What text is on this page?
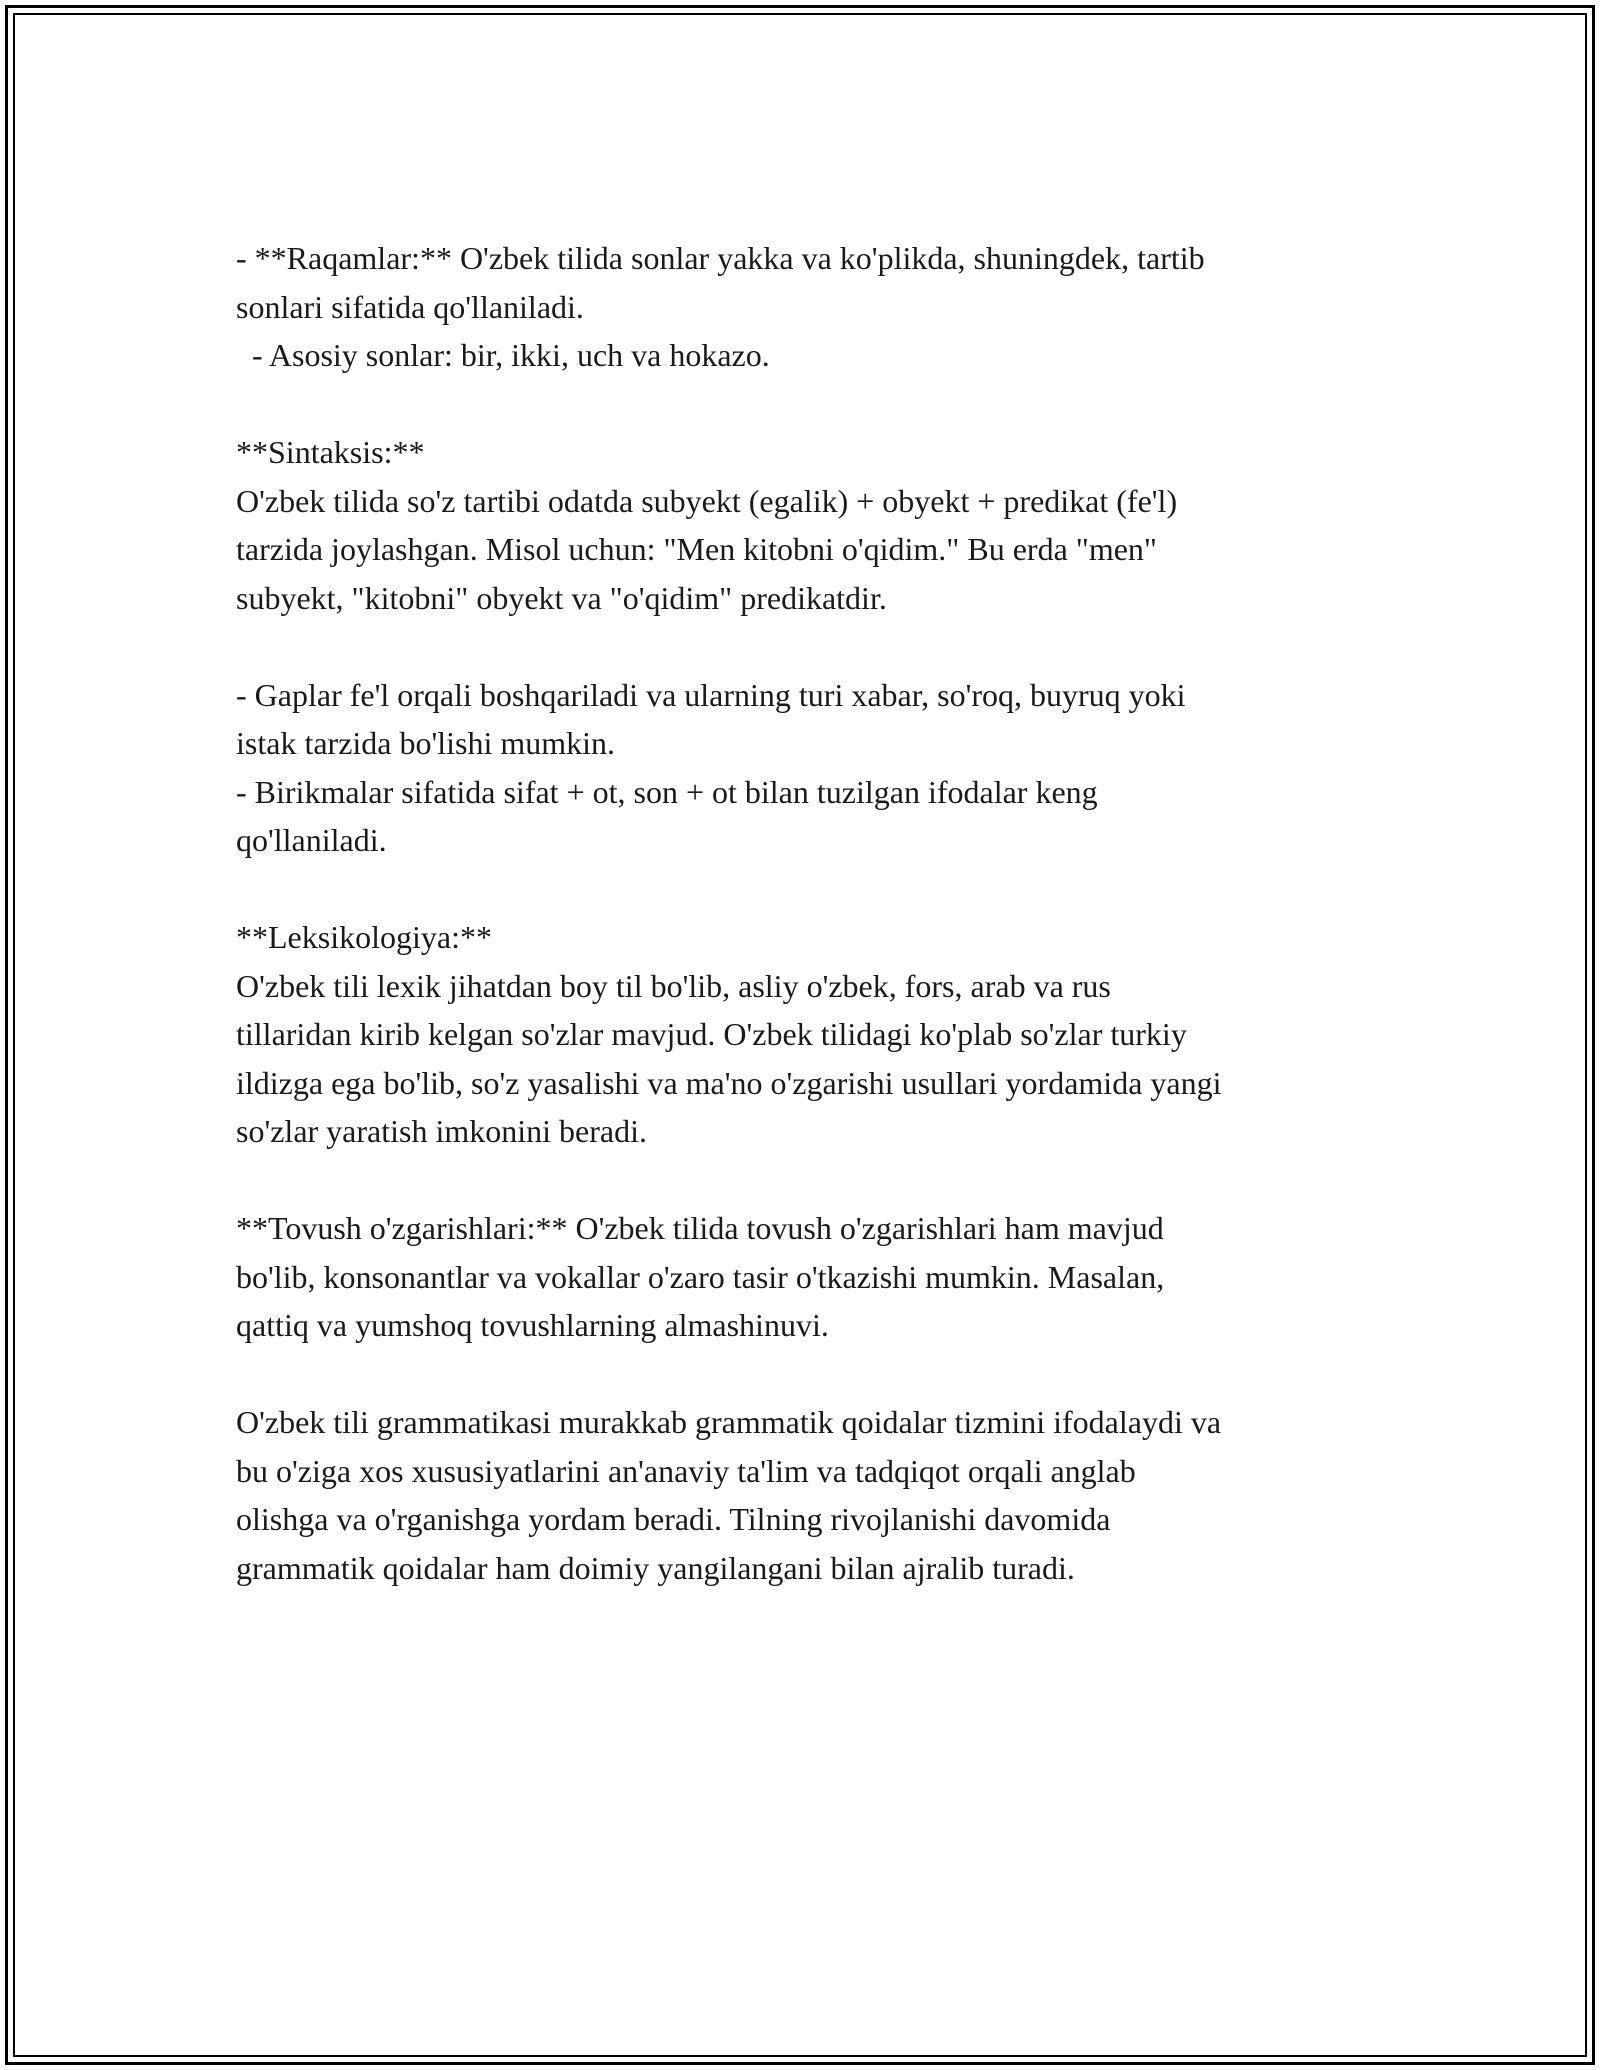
- **Raqamlar:** O'zbek tilida sonlar yakka va ko'plikda, shuningdek, tartib
sonlari sifatida qo'llaniladi.
- Asosiy sonlar: bir, ikki, uch va hokazo.
**Sintaksis:**
O'zbek tilida so'z tartibi odatda subyekt (egalik) + obyekt + predikat (fe'l)
tarzida joylashgan. Misol uchun: "Men kitobni o'qidim." Bu erda "men"
subyekt, "kitobni" obyekt va "o'qidim" predikatdir.
- Gaplar fe'l orqali boshqariladi va ularning turi xabar, so'roq, buyruq yoki
istak tarzida bo'lishi mumkin.
- Birikmalar sifatida sifat + ot, son + ot bilan tuzilgan ifodalar keng
qo'llaniladi.
**Leksikologiya:**
O'zbek tili lexik jihatdan boy til bo'lib, asliy o'zbek, fors, arab va rus
tillaridan kirib kelgan so'zlar mavjud. O'zbek tilidagi ko'plab so'zlar turkiy
ildizga ega bo'lib, so'z yasalishi va ma'no o'zgarishi usullari yordamida yangi
so'zlar yaratish imkonini beradi.
**Tovush o'zgarishlari:** O'zbek tilida tovush o'zgarishlari ham mavjud
bo'lib, konsonantlar va vokallar o'zaro tasir o'tkazishi mumkin. Masalan,
qattiq va yumshoq tovushlarning almashinuvi.
O'zbek tili grammatikasi murakkab grammatik qoidalar tizmini ifodalaydi va
bu o'ziga xos xususiyatlarini an'anaviy ta'lim va tadqiqot orqali anglab
olishga va o'rganishga yordam beradi. Tilning rivojlanishi davomida
grammatik qoidalar ham doimiy yangilangani bilan ajralib turadi.
